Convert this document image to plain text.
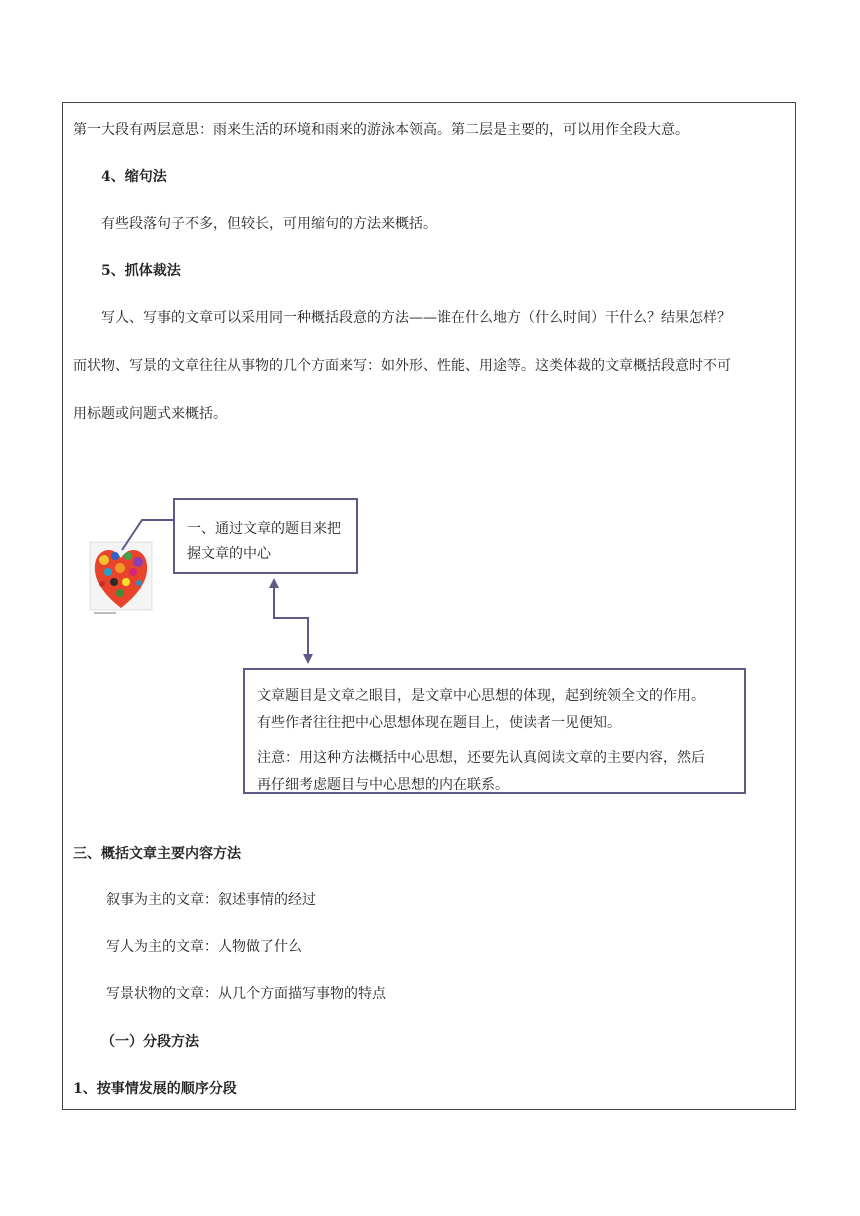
第一大段有两层意思：雨来生活的环境和雨来的游泳本领高。第二层是主要的，可以用作全段大意。
4、缩句法
有些段落句子不多，但较长，可用缩句的方法来概括。
5、抓体裁法
写人、写事的文章可以采用同一种概括段意的方法——谁在什么地方（什么时间）干什么？结果怎样？
而状物、写景的文章往往从事物的几个方面来写：如外形、性能、用途等。这类体裁的文章概括段意时不可
用标题或问题式来概括。
一、通过文章的题目来把
握文章的中心
文章题目是文章之眼目，是文章中心思想的体现，起到统领全文的作用。
有些作者往往把中心思想体现在题目上，使读者一见便知。
注意：用这种方法概括中心思想，还要先认真阅读文章的主要内容，然后
再仔细考虑题目与中心思想的内在联系。
三、概括文章主要内容方法
叙事为主的文章：叙述事情的经过
写人为主的文章：人物做了什么
写景状物的文章：从几个方面描写事物的特点
（一）分段方法
1、按事情发展的顺序分段
